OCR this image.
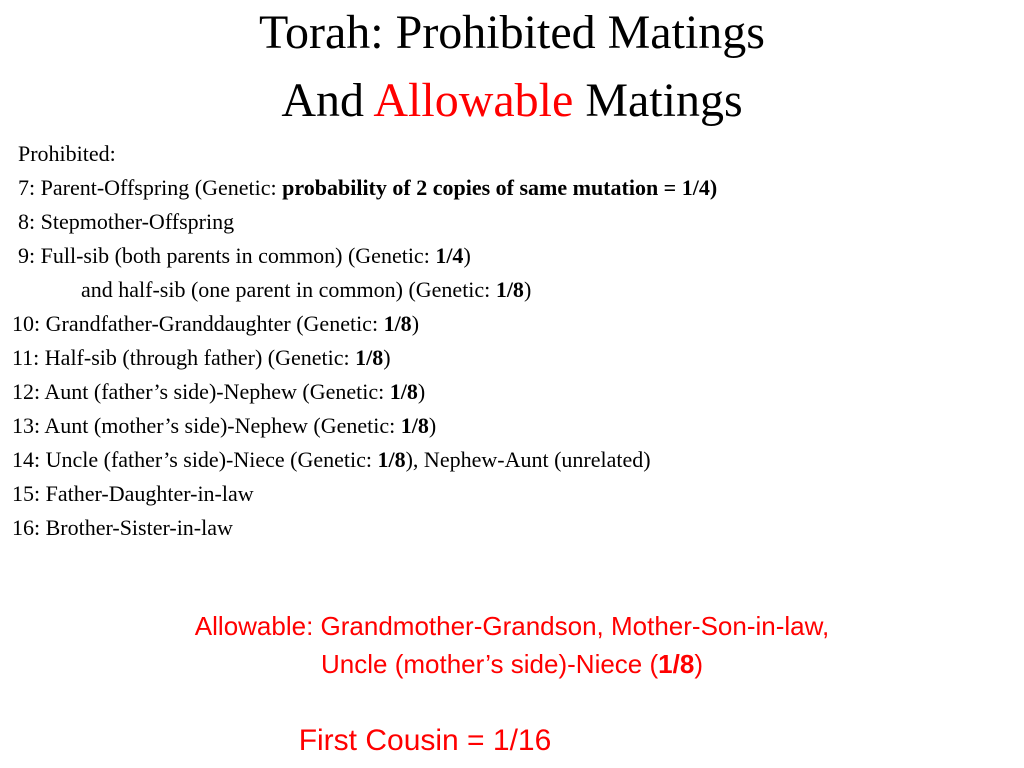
Torah: Prohibited Matings
And Allowable Matings
Prohibited:
7: Parent-Offspring (Genetic: probability of 2 copies of same mutation = 1/4)
8: Stepmother-Offspring
9: Full-sib (both parents in common) (Genetic: 1/4)
and half-sib (one parent in common) (Genetic: 1/8)
10: Grandfather-Granddaughter (Genetic: 1/8)
11: Half-sib (through father) (Genetic: 1/8)
12: Aunt (father’s side)-Nephew (Genetic: 1/8)
13: Aunt (mother’s side)-Nephew (Genetic: 1/8)
14: Uncle (father’s side)-Niece (Genetic: 1/8), Nephew-Aunt (unrelated)
15: Father-Daughter-in-law
16: Brother-Sister-in-law
Allowable: Grandmother-Grandson, Mother-Son-in-law,
Uncle (mother’s side)-Niece (1/8)
First Cousin = 1/16
